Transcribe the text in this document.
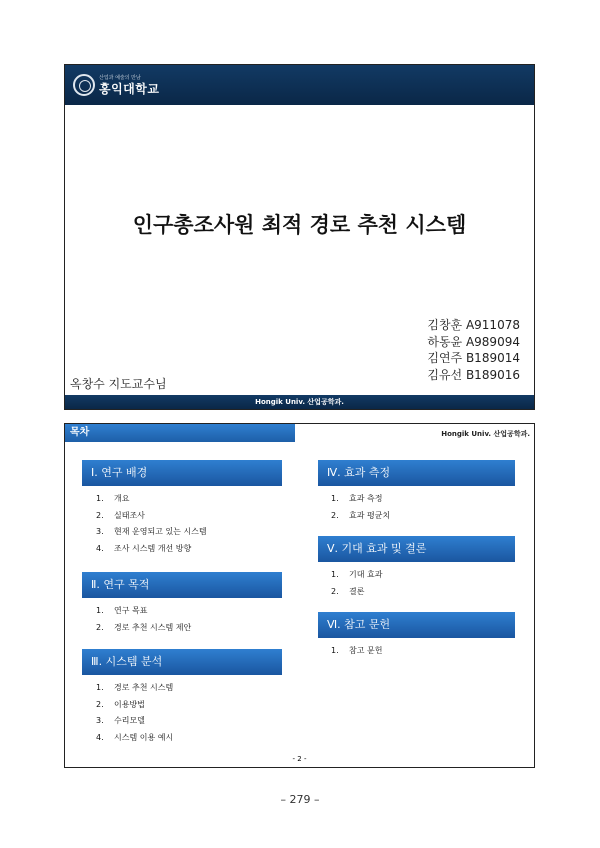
산업과 예술의 만남
홍익대학교
인구총조사원 최적 경로 추천 시스템
김창훈 A911078
하동윤 A989094
김연주 B189014
김유선 B189016
옥창수 지도교수님
Hongik Univ. 산업공학과.
목차	Hongik Univ. 산업공학과.
Ⅰ. 연구 배경
1. 개요
2. 실태조사
3. 현재 운영되고 있는 시스템
4. 조사 시스템 개선 방향
Ⅱ. 연구 목적
1. 연구 목표
2. 경로 추천 시스템 제안
Ⅲ. 시스템 분석
1. 경로 추천 시스템
2. 이용방법
3. 수리모델
4. 시스템 이용 예시
Ⅳ. 효과 측정
1. 효과 측정
2. 효과 평균치
Ⅴ. 기대 효과 및 결론
1. 기대 효과
2. 결론
Ⅵ. 참고 문헌
1. 참고 문헌
- 2 -
– 279 –
